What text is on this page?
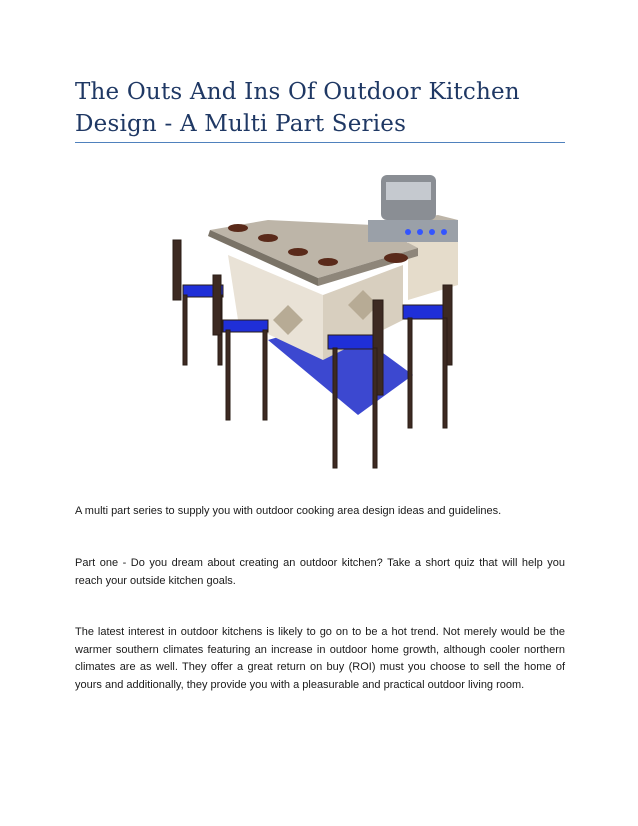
The Outs And Ins Of Outdoor Kitchen Design - A Multi Part Series

A multi part series to supply you with outdoor cooking area design ideas and guidelines.

Part one - Do you dream about creating an outdoor kitchen? Take a short quiz that will help you reach your outside kitchen goals.

The latest interest in outdoor kitchens is likely to go on to be a hot trend. Not merely would be the warmer southern climates featuring an increase in outdoor home growth, although cooler northern climates are as well. They offer a great return on buy (ROI) must you choose to sell the home of yours and additionally, they provide you with a pleasurable and practical outdoor living room.
